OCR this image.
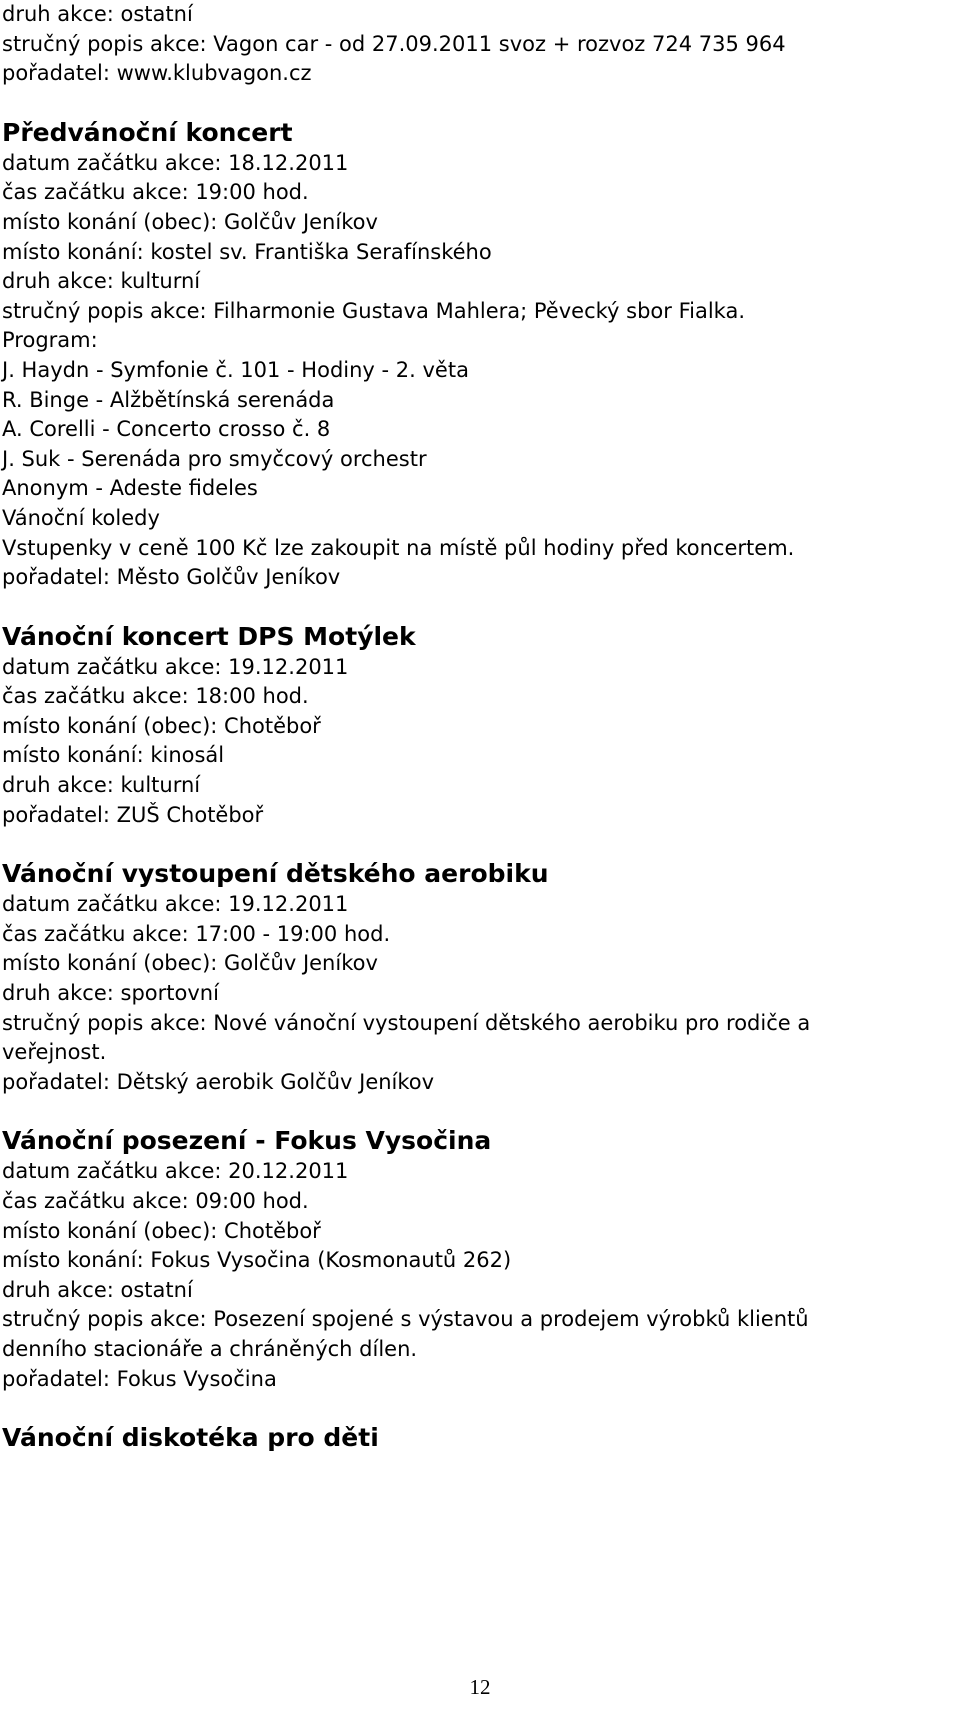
druh akce: ostatní
stručný popis akce: Vagon car - od 27.09.2011 svoz + rozvoz 724 735 964
pořadatel: www.klubvagon.cz
Předvánoční koncert
datum začátku akce: 18.12.2011
čas začátku akce: 19:00 hod.
místo konání (obec): Golčův Jeníkov
místo konání: kostel sv. Františka Serafínského
druh akce: kulturní
stručný popis akce: Filharmonie Gustava Mahlera; Pěvecký sbor Fialka.
Program:
J. Haydn - Symfonie č. 101 - Hodiny - 2. věta
R. Binge - Alžbětínská serenáda
A. Corelli - Concerto crosso č. 8
J. Suk - Serenáda pro smyčcový orchestr
Anonym - Adeste fideles
Vánoční koledy
Vstupenky v ceně 100 Kč lze zakoupit na místě půl hodiny před koncertem.
pořadatel: Město Golčův Jeníkov
Vánoční koncert DPS Motýlek
datum začátku akce: 19.12.2011
čas začátku akce: 18:00 hod.
místo konání (obec): Chotěboř
místo konání: kinosál
druh akce: kulturní
pořadatel: ZUŠ Chotěboř
Vánoční vystoupení dětského aerobiku
datum začátku akce: 19.12.2011
čas začátku akce: 17:00 - 19:00 hod.
místo konání (obec): Golčův Jeníkov
druh akce: sportovní
stručný popis akce: Nové vánoční vystoupení dětského aerobiku pro rodiče a
veřejnost.
pořadatel: Dětský aerobik Golčův Jeníkov
Vánoční posezení - Fokus Vysočina
datum začátku akce: 20.12.2011
čas začátku akce: 09:00 hod.
místo konání (obec): Chotěboř
místo konání: Fokus Vysočina (Kosmonautů 262)
druh akce: ostatní
stručný popis akce: Posezení spojené s výstavou a prodejem výrobků klientů
denního stacionáře a chráněných dílen.
pořadatel: Fokus Vysočina
Vánoční diskotéka pro děti
12
